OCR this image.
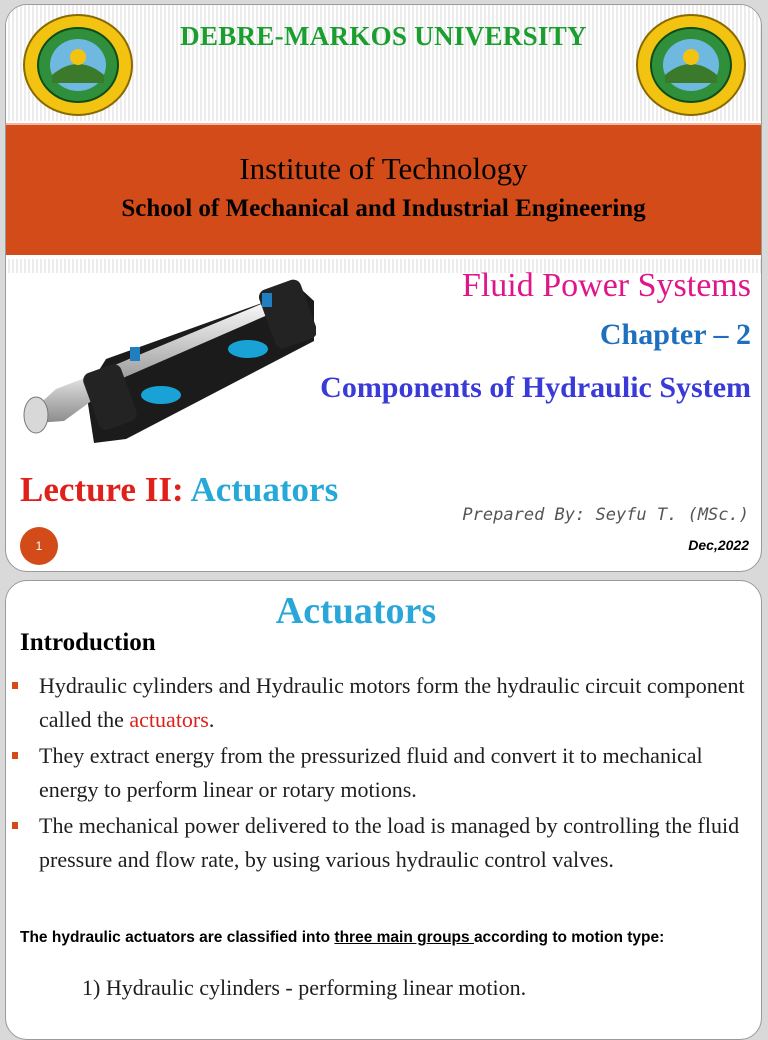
DEBRE-MARKOS UNIVERSITY
Institute of Technology
School of Mechanical and Industrial Engineering
Fluid Power Systems
Chapter – 2
Components of Hydraulic System
Lecture II: Actuators
Prepared By: Seyfu T. (MSc.)
Dec,2022
1
Actuators
Introduction
Hydraulic cylinders and Hydraulic motors form the hydraulic circuit component called the actuators.
They extract energy from the pressurized fluid and convert it to mechanical energy to perform linear or rotary motions.
The mechanical power delivered to the load is managed by controlling the fluid pressure and flow rate, by using various hydraulic control valves.
The hydraulic actuators are classified into three main groups according to motion type:
1) Hydraulic cylinders - performing linear motion.
